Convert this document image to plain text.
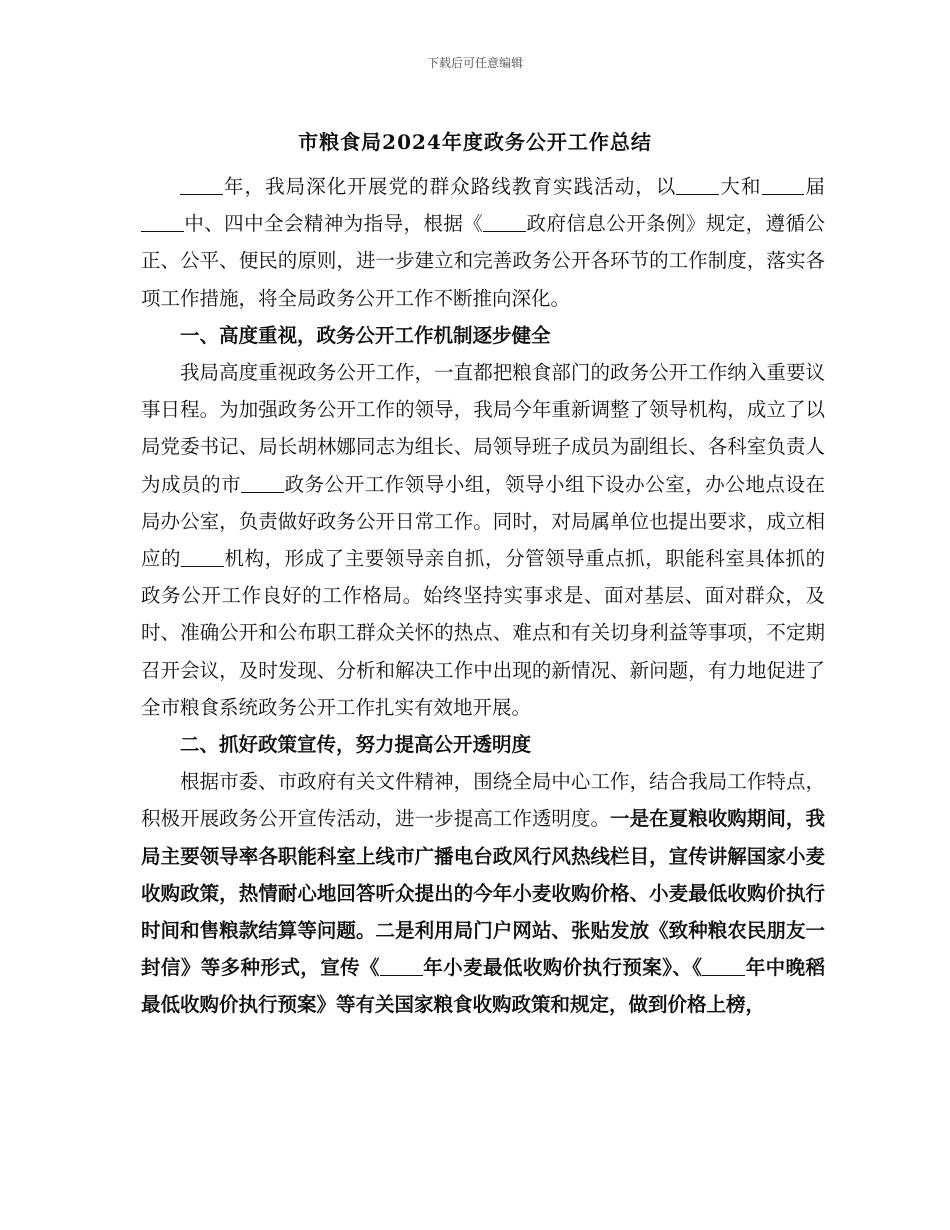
下载后可任意编辑
市粮食局2024年度政务公开工作总结

年，我局深化开展党的群众路线教育实践活动，以 大和 届中、四中全会精神为指导，根据《 政府信息公开条例》规定，遵循公正、公平、便民的原则，进一步建立和完善政务公开各环节的工作制度，落实各项工作措施，将全局政务公开工作不断推向深化。

一、高度重视，政务公开工作机制逐步健全

我局高度重视政务公开工作，一直都把粮食部门的政务公开工作纳入重要议事日程。为加强政务公开工作的领导，我局今年重新调整了领导机构，成立了以局党委书记、局长胡林娜同志为组长、局领导班子成员为副组长、各科室负责人为成员的市 政务公开工作领导小组，领导小组下设办公室，办公地点设在局办公室，负责做好政务公开日常工作。同时，对局属单位也提出要求，成立相应的 机构，形成了主要领导亲自抓，分管领导重点抓，职能科室具体抓的政务公开工作良好的工作格局。始终坚持实事求是、面对基层、面对群众，及时、准确公开和公布职工群众关怀的热点、难点和有关切身利益等事项，不定期召开会议，及时发现、分析和解决工作中出现的新情况、新问题，有力地促进了全市粮食系统政务公开工作扎实有效地开展。

二、抓好政策宣传，努力提高公开透明度

根据市委、市政府有关文件精神，围绕全局中心工作，结合我局工作特点，积极开展政务公开宣传活动，进一步提高工作透明度。一是在夏粮收购期间，我局主要领导率各职能科室上线市广播电台政风行风热线栏目，宣传讲解国家小麦收购政策，热情耐心地回答听众提出的今年小麦收购价格、小麦最低收购价执行时间和售粮款结算等问题。二是利用局门户网站、张贴发放《致种粮农民朋友一封信》等多种形式，宣传《 年小麦最低收购价执行预案》、《 年中晚稻最低收购价执行预案》等有关国家粮食收购政策和规定，做到价格上榜，
